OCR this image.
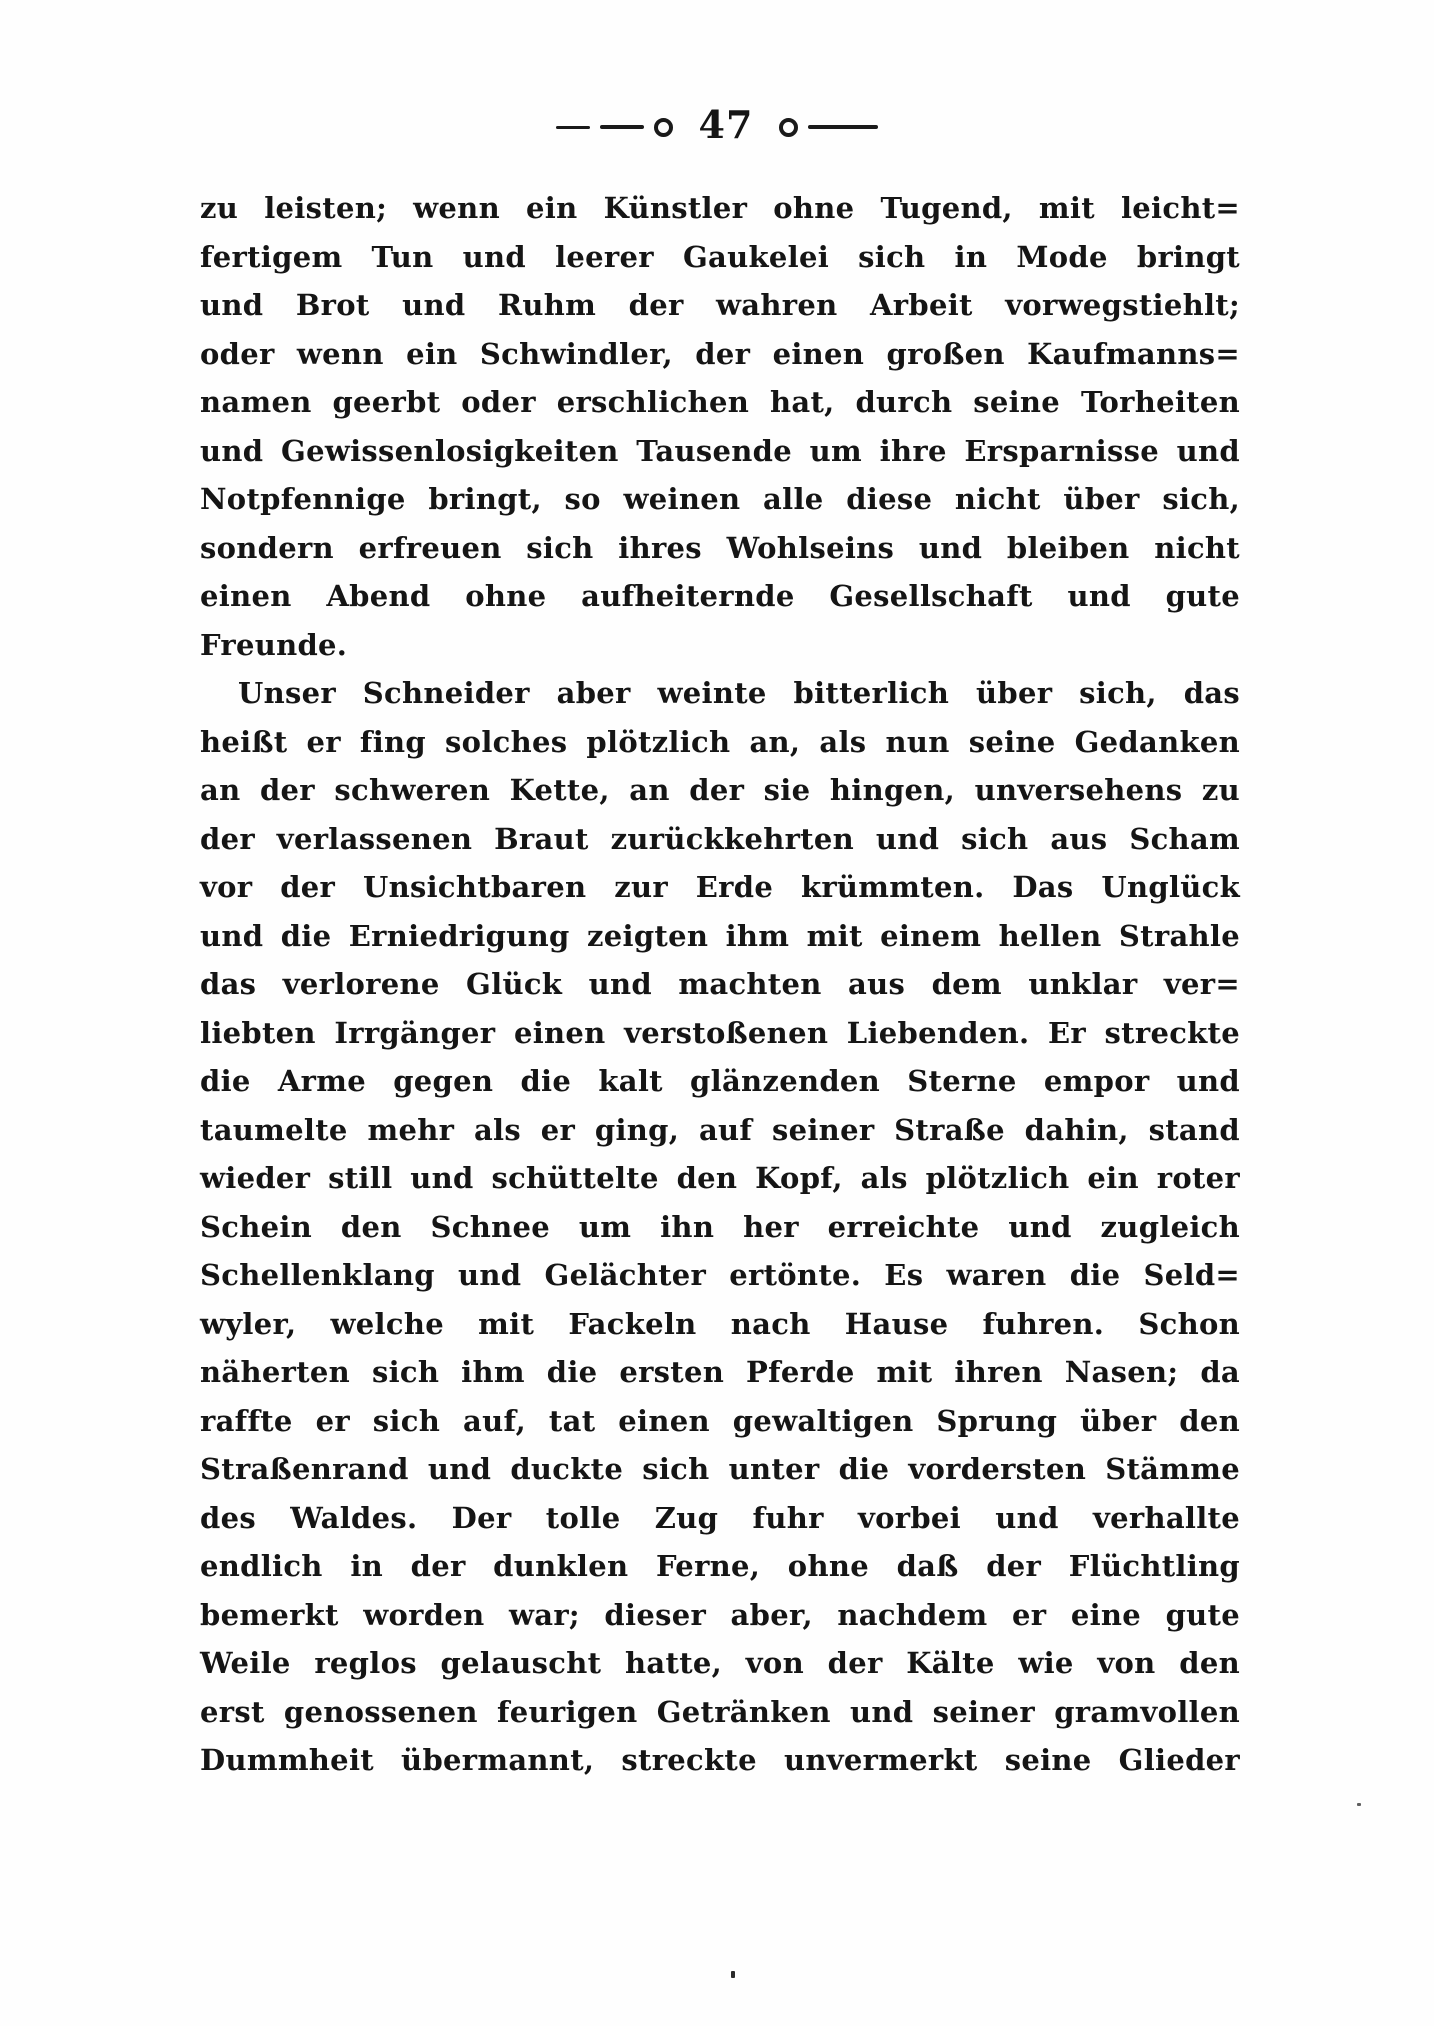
47
zu leisten; wenn ein Künstler ohne Tugend, mit leicht=
fertigem Tun und leerer Gaukelei sich in Mode bringt
und Brot und Ruhm der wahren Arbeit vorwegstiehlt;
oder wenn ein Schwindler, der einen großen Kaufmanns=
namen geerbt oder erschlichen hat, durch seine Torheiten
und Gewissenlosigkeiten Tausende um ihre Ersparnisse und
Notpfennige bringt, so weinen alle diese nicht über sich,
sondern erfreuen sich ihres Wohlseins und bleiben nicht
einen Abend ohne aufheiternde Gesellschaft und gute
Freunde.
Unser Schneider aber weinte bitterlich über sich, das
heißt er fing solches plötzlich an, als nun seine Gedanken
an der schweren Kette, an der sie hingen, unversehens zu
der verlassenen Braut zurückkehrten und sich aus Scham
vor der Unsichtbaren zur Erde krümmten. Das Unglück
und die Erniedrigung zeigten ihm mit einem hellen Strahle
das verlorene Glück und machten aus dem unklar ver=
liebten Irrgänger einen verstoßenen Liebenden. Er streckte
die Arme gegen die kalt glänzenden Sterne empor und
taumelte mehr als er ging, auf seiner Straße dahin, stand
wieder still und schüttelte den Kopf, als plötzlich ein roter
Schein den Schnee um ihn her erreichte und zugleich
Schellenklang und Gelächter ertönte. Es waren die Seld=
wyler, welche mit Fackeln nach Hause fuhren. Schon
näherten sich ihm die ersten Pferde mit ihren Nasen; da
raffte er sich auf, tat einen gewaltigen Sprung über den
Straßenrand und duckte sich unter die vordersten Stämme
des Waldes. Der tolle Zug fuhr vorbei und verhallte
endlich in der dunklen Ferne, ohne daß der Flüchtling
bemerkt worden war; dieser aber, nachdem er eine gute
Weile reglos gelauscht hatte, von der Kälte wie von den
erst genossenen feurigen Getränken und seiner gramvollen
Dummheit übermannt, streckte unvermerkt seine Glieder
